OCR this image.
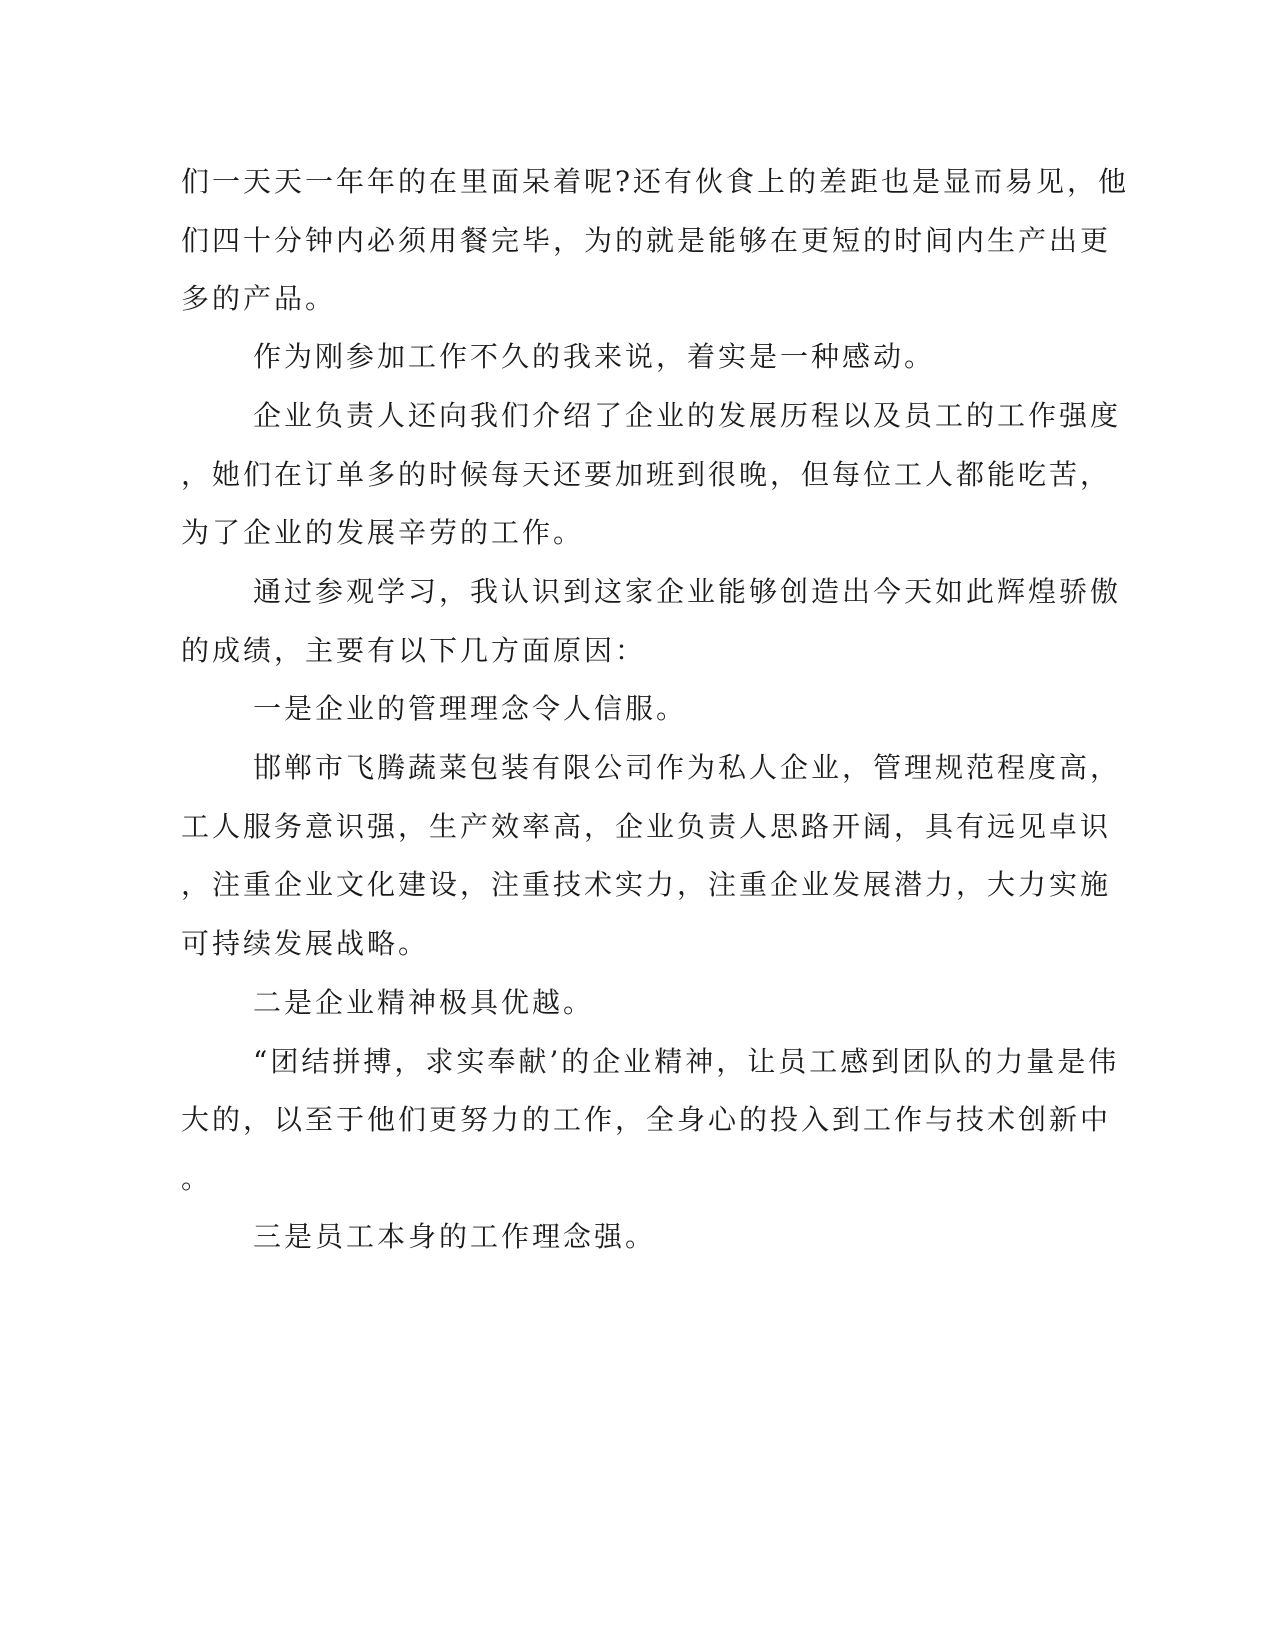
们一天天一年年的在里面呆着呢?还有伙食上的差距也是显而易见，他
们四十分钟内必须用餐完毕，为的就是能够在更短的时间内生产出更
多的产品。
作为刚参加工作不久的我来说，着实是一种感动。
企业负责人还向我们介绍了企业的发展历程以及员工的工作强度
，她们在订单多的时候每天还要加班到很晚，但每位工人都能吃苦，
为了企业的发展辛劳的工作。
通过参观学习，我认识到这家企业能够创造出今天如此辉煌骄傲
的成绩，主要有以下几方面原因：
一是企业的管理理念令人信服。
邯郸市飞腾蔬菜包装有限公司作为私人企业，管理规范程度高，
工人服务意识强，生产效率高，企业负责人思路开阔，具有远见卓识
，注重企业文化建设，注重技术实力，注重企业发展潜力，大力实施
可持续发展战略。
二是企业精神极具优越。
“团结拼搏，求实奉献’的企业精神，让员工感到团队的力量是伟
大的，以至于他们更努力的工作，全身心的投入到工作与技术创新中
。
三是员工本身的工作理念强。
